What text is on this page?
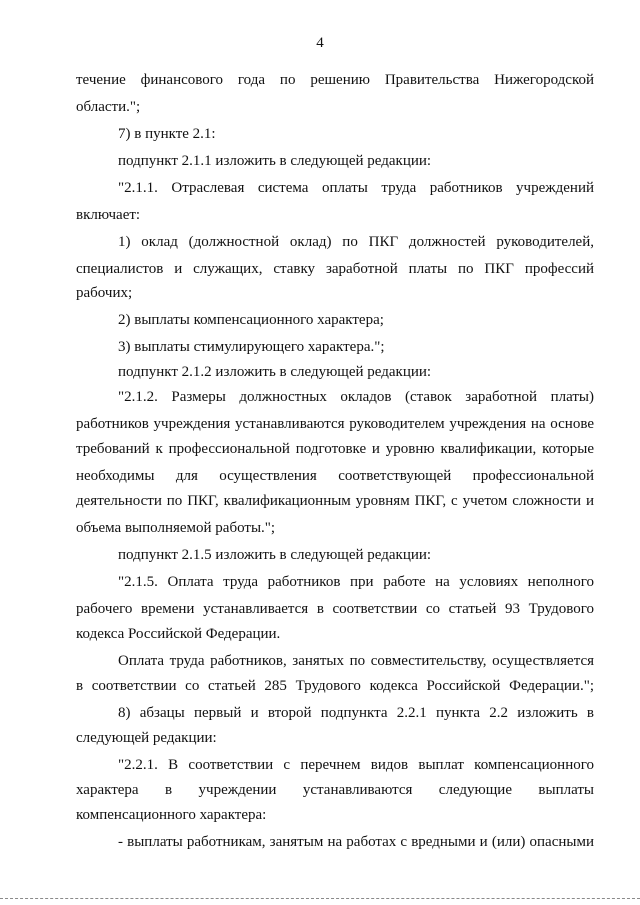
4
течение финансового года по решению Правительства Нижегородской
области.";
7) в пункте 2.1:
подпункт 2.1.1 изложить в следующей редакции:
"2.1.1. Отраслевая система оплаты труда работников учреждений
включает:
1) оклад (должностной оклад) по ПКГ должностей руководителей,
специалистов и служащих, ставку заработной платы по ПКГ профессий
рабочих;
2) выплаты компенсационного характера;
3) выплаты стимулирующего характера.";
подпункт 2.1.2 изложить в следующей редакции:
"2.1.2. Размеры должностных окладов (ставок заработной платы)
работников учреждения устанавливаются руководителем учреждения на основе
требований к профессиональной подготовке и уровню квалификации, которые
необходимы для осуществления соответствующей профессиональной
деятельности по ПКГ, квалификационным уровням ПКГ, с учетом сложности и
объема выполняемой работы.";
подпункт 2.1.5 изложить в следующей редакции:
"2.1.5. Оплата труда работников при работе на условиях неполного
рабочего времени устанавливается в соответствии со статьей 93 Трудового
кодекса Российской Федерации.
Оплата труда работников, занятых по совместительству, осуществляется
в соответствии со статьей 285 Трудового кодекса Российской Федерации.";
8) абзацы первый и второй подпункта 2.2.1 пункта 2.2 изложить в
следующей редакции:
"2.2.1. В соответствии с перечнем видов выплат компенсационного
характера в учреждении устанавливаются следующие выплаты
компенсационного характера:
- выплаты работникам, занятым на работах с вредными и (или) опасными
